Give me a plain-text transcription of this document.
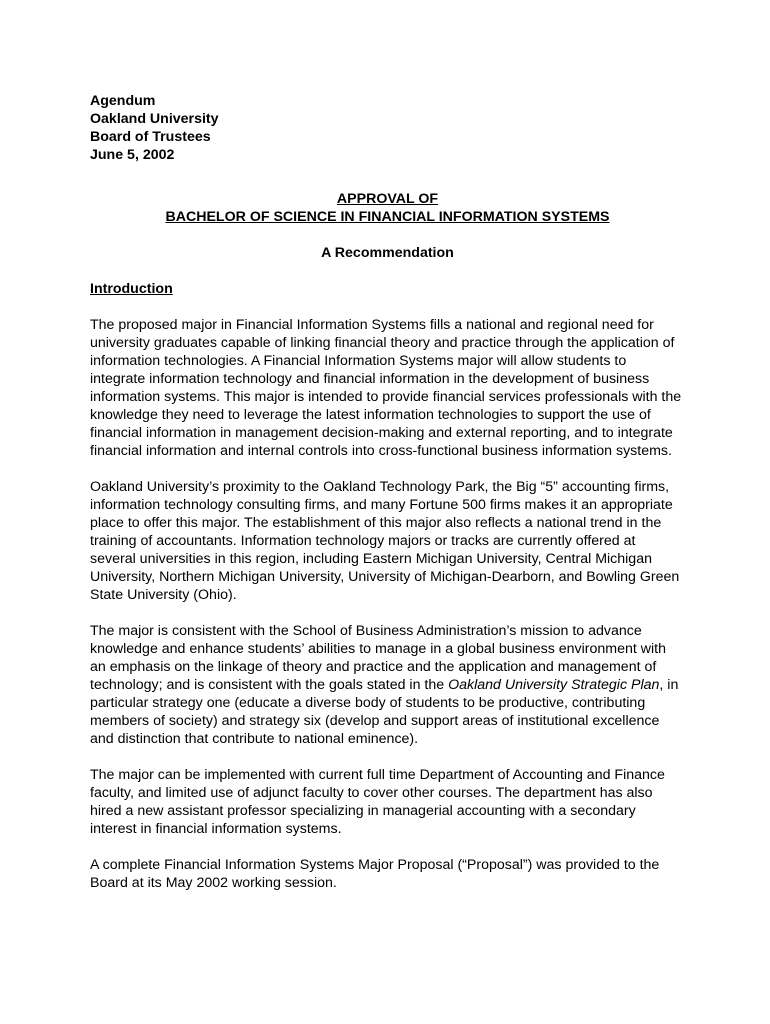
Agendum
Oakland University
Board of Trustees
June 5, 2002
APPROVAL OF
BACHELOR OF SCIENCE IN FINANCIAL INFORMATION SYSTEMS
A Recommendation
Introduction

The proposed major in Financial Information Systems fills a national and regional need for university graduates capable of linking financial theory and practice through the application of information technologies. A Financial Information Systems major will allow students to integrate information technology and financial information in the development of business information systems. This major is intended to provide financial services professionals with the knowledge they need to leverage the latest information technologies to support the use of financial information in management decision-making and external reporting, and to integrate financial information and internal controls into cross-functional business information systems.

Oakland University’s proximity to the Oakland Technology Park, the Big “5” accounting firms, information technology consulting firms, and many Fortune 500 firms makes it an appropriate place to offer this major. The establishment of this major also reflects a national trend in the training of accountants. Information technology majors or tracks are currently offered at several universities in this region, including Eastern Michigan University, Central Michigan University, Northern Michigan University, University of Michigan-Dearborn, and Bowling Green State University (Ohio).

The major is consistent with the School of Business Administration’s mission to advance knowledge and enhance students’ abilities to manage in a global business environment with an emphasis on the linkage of theory and practice and the application and management of technology; and is consistent with the goals stated in the Oakland University Strategic Plan, in particular strategy one (educate a diverse body of students to be productive, contributing members of society) and strategy six (develop and support areas of institutional excellence and distinction that contribute to national eminence).

The major can be implemented with current full time Department of Accounting and Finance faculty, and limited use of adjunct faculty to cover other courses. The department has also hired a new assistant professor specializing in managerial accounting with a secondary interest in financial information systems.

A complete Financial Information Systems Major Proposal (“Proposal”) was provided to the Board at its May 2002 working session.
